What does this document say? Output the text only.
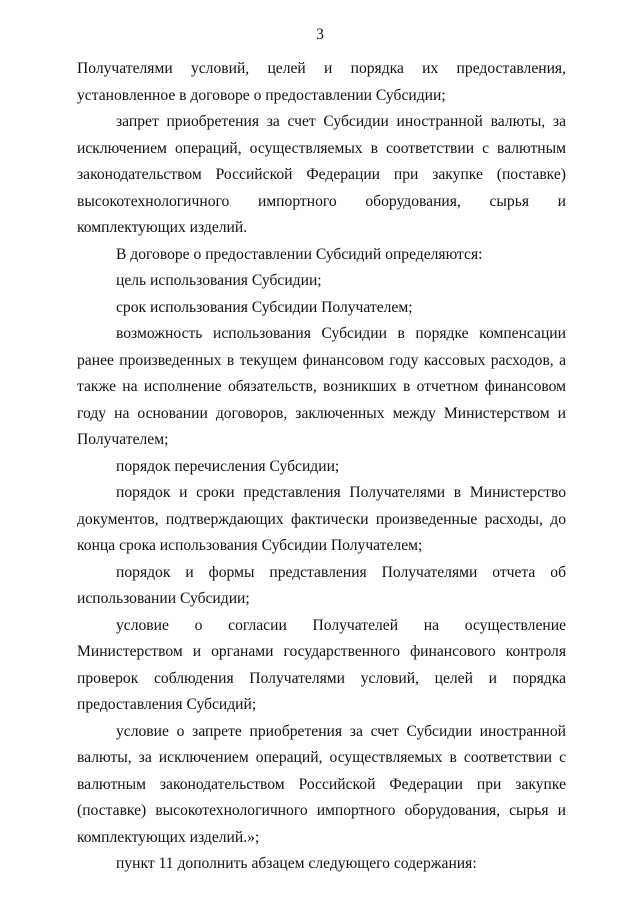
3

Получателями условий, целей и порядка их предоставления, установленное в договоре о предоставлении Субсидии;

запрет приобретения за счет Субсидии иностранной валюты, за исключением операций, осуществляемых в соответствии с валютным законодательством Российской Федерации при закупке (поставке) высокотехнологичного импортного оборудования, сырья и комплектующих изделий.

В договоре о предоставлении Субсидий определяются:

цель использования Субсидии;

срок использования Субсидии Получателем;

возможность использования Субсидии в порядке компенсации ранее произведенных в текущем финансовом году кассовых расходов, а также на исполнение обязательств, возникших в отчетном финансовом году на основании договоров, заключенных между Министерством и Получателем;

порядок перечисления Субсидии;

порядок и сроки представления Получателями в Министерство документов, подтверждающих фактически произведенные расходы, до конца срока использования Субсидии Получателем;

порядок и формы представления Получателями отчета об использовании Субсидии;

условие о согласии Получателей на осуществление Министерством и органами государственного финансового контроля проверок соблюдения Получателями условий, целей и порядка предоставления Субсидий;

условие о запрете приобретения за счет Субсидии иностранной валюты, за исключением операций, осуществляемых в соответствии с валютным законодательством Российской Федерации при закупке (поставке) высокотехнологичного импортного оборудования, сырья и комплектующих изделий.»;

пункт 11 дополнить абзацем следующего содержания:
